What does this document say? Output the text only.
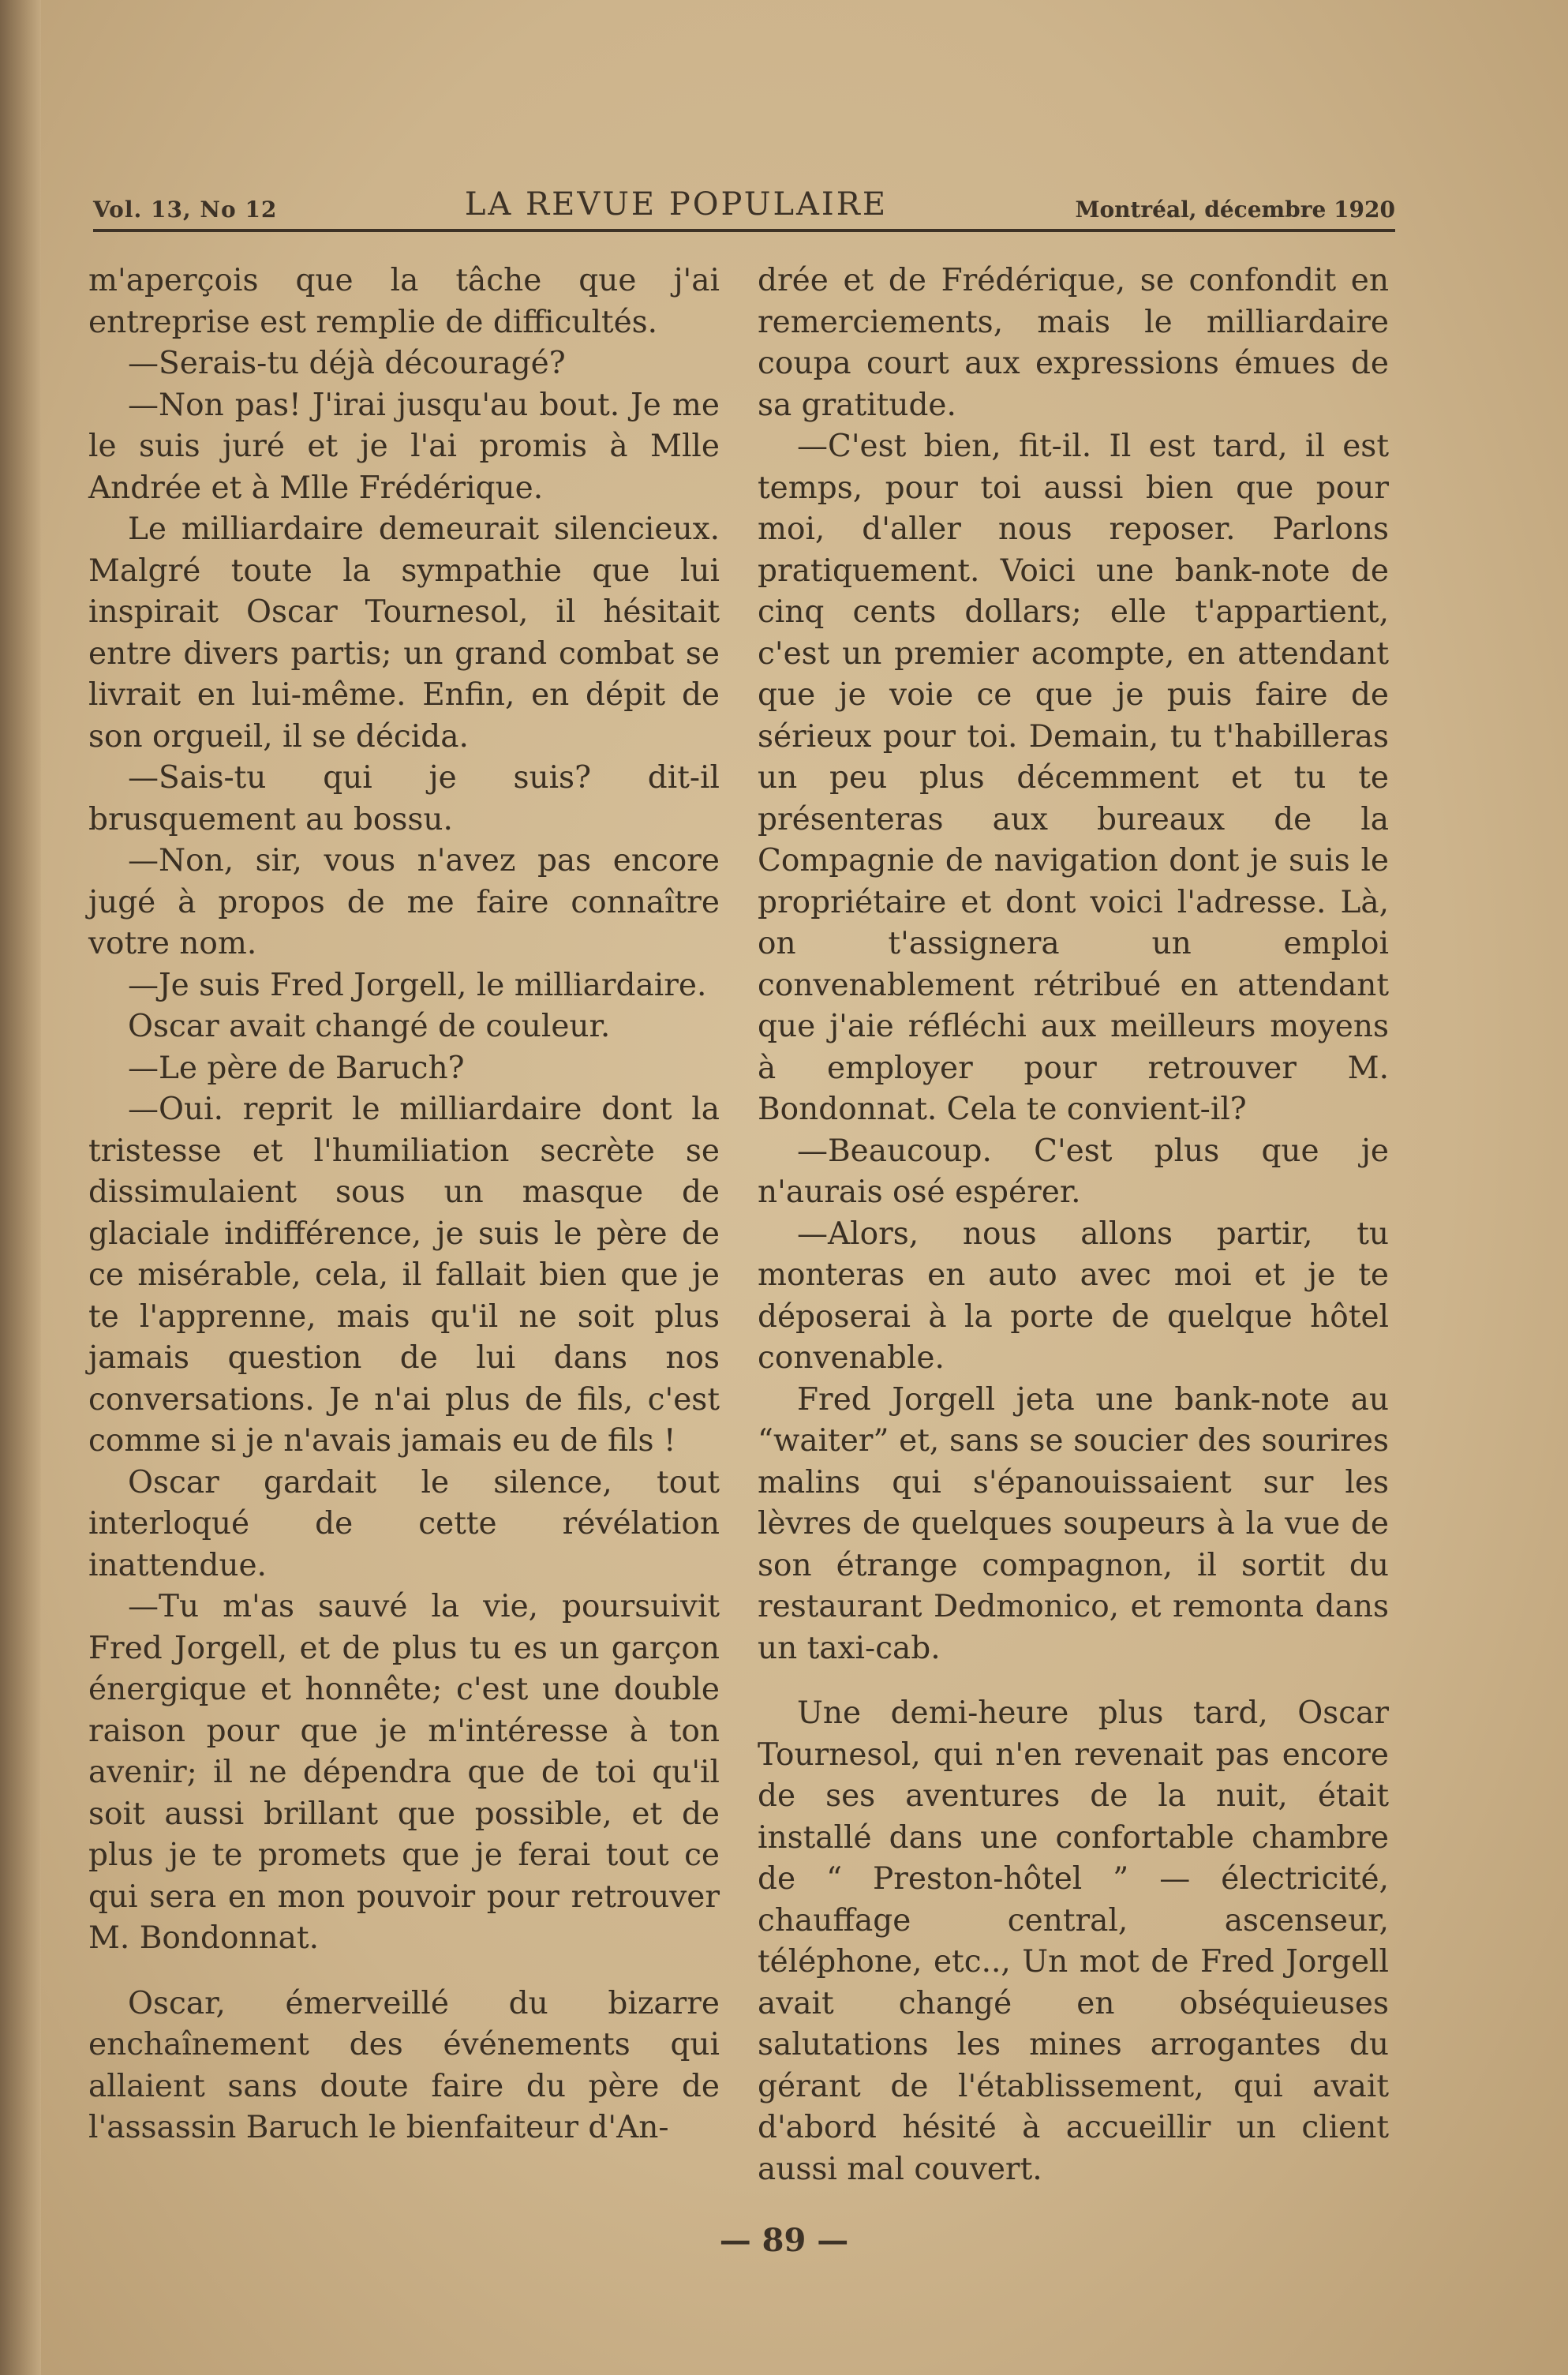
Vol. 13, No 12	LA REVUE POPULAIRE	Montréal, décembre 1920

m'aperçois que la tâche que j'ai entreprise est remplie de difficultés.

—Serais-tu déjà découragé?

—Non pas! J'irai jusqu'au bout. Je me le suis juré et je l'ai promis à Mlle Andrée et à Mlle Frédérique.

Le milliardaire demeurait silencieux. Malgré toute la sympathie que lui inspirait Oscar Tournesol, il hésitait entre divers partis; un grand combat se livrait en lui-même. Enfin, en dépit de son orgueil, il se décida.

—Sais-tu qui je suis? dit-il brusquement au bossu.

—Non, sir, vous n'avez pas encore jugé à propos de me faire connaître votre nom.

—Je suis Fred Jorgell, le milliardaire.

Oscar avait changé de couleur.

—Le père de Baruch?

—Oui. reprit le milliardaire dont la tristesse et l'humiliation secrète se dissimulaient sous un masque de glaciale indifférence, je suis le père de ce misérable, cela, il fallait bien que je te l'apprenne, mais qu'il ne soit plus jamais question de lui dans nos conversations. Je n'ai plus de fils, c'est comme si je n'avais jamais eu de fils !

Oscar gardait le silence, tout interloqué de cette révélation inattendue.

—Tu m'as sauvé la vie, poursuivit Fred Jorgell, et de plus tu es un garçon énergique et honnête; c'est une double raison pour que je m'intéresse à ton avenir; il ne dépendra que de toi qu'il soit aussi brillant que possible, et de plus je te promets que je ferai tout ce qui sera en mon pouvoir pour retrouver M. Bondonnat.

Oscar, émerveillé du bizarre enchaînement des événements qui allaient sans doute faire du père de l'assassin Baruch le bienfaiteur d'An-

drée et de Frédérique, se confondit en remerciements, mais le milliardaire coupa court aux expressions émues de sa gratitude.

—C'est bien, fit-il. Il est tard, il est temps, pour toi aussi bien que pour moi, d'aller nous reposer. Parlons pratiquement. Voici une bank-note de cinq cents dollars; elle t'appartient, c'est un premier acompte, en attendant que je voie ce que je puis faire de sérieux pour toi. Demain, tu t'habilleras un peu plus décemment et tu te présenteras aux bureaux de la Compagnie de navigation dont je suis le propriétaire et dont voici l'adresse. Là, on t'assignera un emploi convenablement rétribué en attendant que j'aie réfléchi aux meilleurs moyens à employer pour retrouver M. Bondonnat. Cela te convient-il?

—Beaucoup. C'est plus que je n'aurais osé espérer.

—Alors, nous allons partir, tu monteras en auto avec moi et je te déposerai à la porte de quelque hôtel convenable.

Fred Jorgell jeta une bank-note au “waiter” et, sans se soucier des sourires malins qui s'épanouissaient sur les lèvres de quelques soupeurs à la vue de son étrange compagnon, il sortit du restaurant Dedmonico, et remonta dans un taxi-cab.

Une demi-heure plus tard, Oscar Tournesol, qui n'en revenait pas encore de ses aventures de la nuit, était installé dans une confortable chambre de “ Preston-hôtel ” — électricité, chauffage central, ascenseur, téléphone, etc.., Un mot de Fred Jorgell avait changé en obséquieuses salutations les mines arrogantes du gérant de l'établissement, qui avait d'abord hésité à accueillir un client aussi mal couvert.

— 89 —
